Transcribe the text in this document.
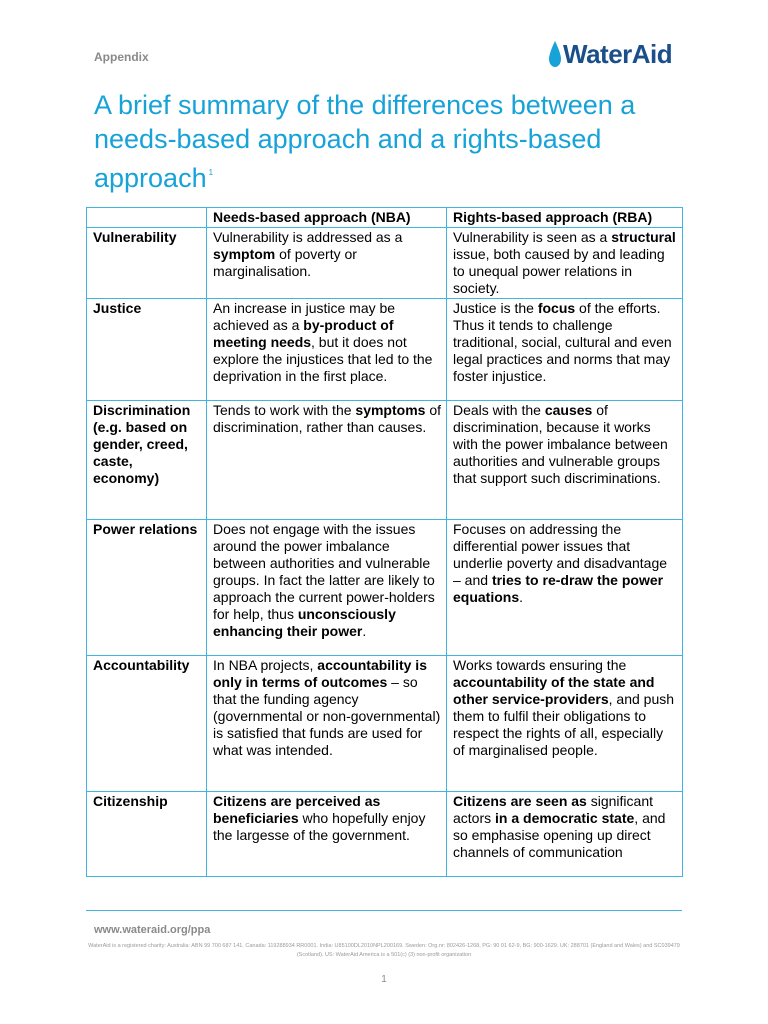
Appendix	WaterAid
A brief summary of the differences between a needs-based approach and a rights-based approach $^1$
	Needs-based approach (NBA)	Rights-based approach (RBA)
Vulnerability	Vulnerability is addressed as a symptom of poverty or marginalisation.	Vulnerability is seen as a structural issue, both caused by and leading to unequal power relations in society.
Justice	An increase in justice may be achieved as a by-product of meeting needs, but it does not explore the injustices that led to the deprivation in the first place.	Justice is the focus of the efforts. Thus it tends to challenge traditional, social, cultural and even legal practices and norms that may foster injustice.
Discrimination (e.g. based on gender, creed, caste, economy)	Tends to work with the symptoms of discrimination, rather than causes.	Deals with the causes of discrimination, because it works with the power imbalance between authorities and vulnerable groups that support such discriminations.
Power relations	Does not engage with the issues around the power imbalance between authorities and vulnerable groups. In fact the latter are likely to approach the current power-holders for help, thus unconsciously enhancing their power.	Focuses on addressing the differential power issues that underlie poverty and disadvantage – and tries to re-draw the power equations.
Accountability	In NBA projects, accountability is only in terms of outcomes – so that the funding agency (governmental or non-governmental) is satisfied that funds are used for what was intended.	Works towards ensuring the accountability of the state and other service-providers, and push them to fulfil their obligations to respect the rights of all, especially of marginalised people.
Citizenship	Citizens are perceived as beneficiaries who hopefully enjoy the largesse of the government.	Citizens are seen as significant actors in a democratic state, and so emphasise opening up direct channels of communication
www.wateraid.org/ppa
WaterAid is a registered charity: Australia: ABN 99 700 687 141. Canada: 119288934 RR0001. India: U85100DL2010NPL200169. Sweden: Org.nr: 802426-1268, PG: 90 01 62-9, BG: 900-1629. UK: 288701 (England and Wales) and SC039479 (Scotland). US: WaterAid America is a 501(c) (3) non-profit organization
1
